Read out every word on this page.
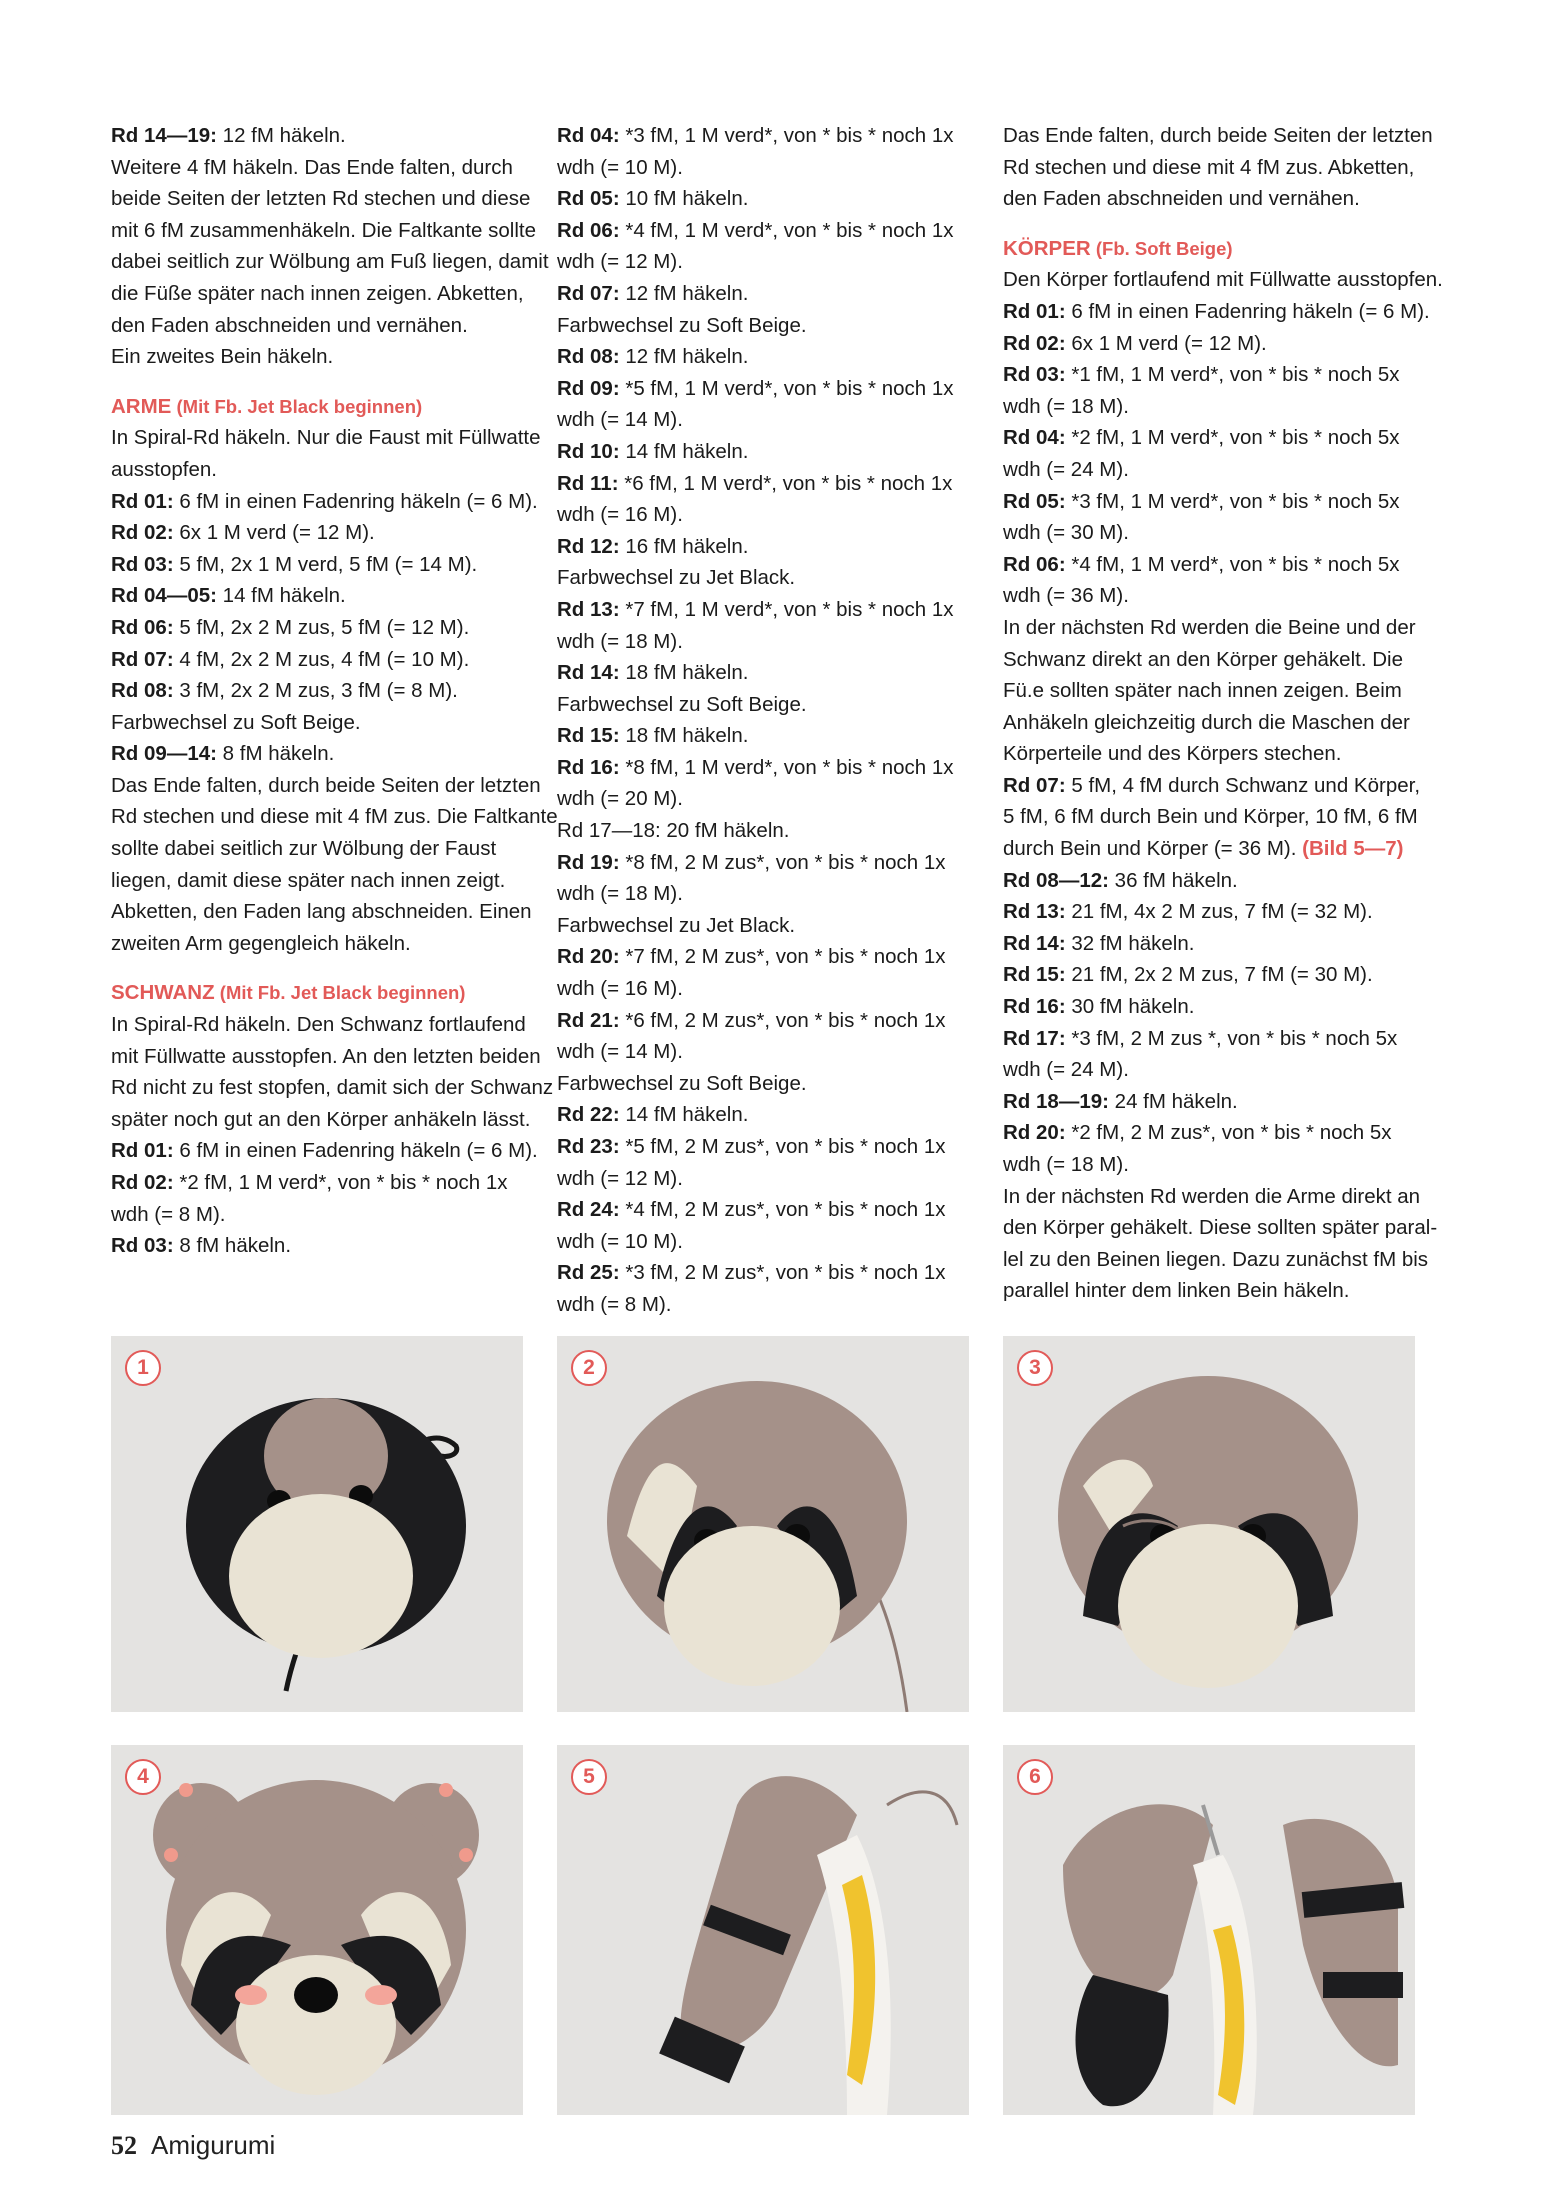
Rd 14—19: 12 fM häkeln.
Weitere 4 fM häkeln. Das Ende falten, durch
beide Seiten der letzten Rd stechen und diese
mit 6 fM zusammenhäkeln. Die Faltkante sollte
dabei seitlich zur Wölbung am Fuß liegen, damit
die Füße später nach innen zeigen. Abketten,
den Faden abschneiden und vernähen.
Ein zweites Bein häkeln.
ARME (Mit Fb. Jet Black beginnen)
In Spiral-Rd häkeln. Nur die Faust mit Füllwatte
ausstopfen.
Rd 01: 6 fM in einen Fadenring häkeln (= 6 M).
Rd 02: 6x 1 M verd (= 12 M).
Rd 03: 5 fM, 2x 1 M verd, 5 fM (= 14 M).
Rd 04—05: 14 fM häkeln.
Rd 06: 5 fM, 2x 2 M zus, 5 fM (= 12 M).
Rd 07: 4 fM, 2x 2 M zus, 4 fM (= 10 M).
Rd 08: 3 fM, 2x 2 M zus, 3 fM (= 8 M).
Farbwechsel zu Soft Beige.
Rd 09—14: 8 fM häkeln.
Das Ende falten, durch beide Seiten der letzten
Rd stechen und diese mit 4 fM zus. Die Faltkante
sollte dabei seitlich zur Wölbung der Faust
liegen, damit diese später nach innen zeigt.
Abketten, den Faden lang abschneiden. Einen
zweiten Arm gegengleich häkeln.
SCHWANZ (Mit Fb. Jet Black beginnen)
In Spiral-Rd häkeln. Den Schwanz fortlaufend
mit Füllwatte ausstopfen. An den letzten beiden
Rd nicht zu fest stopfen, damit sich der Schwanz
später noch gut an den Körper anhäkeln lässt.
Rd 01: 6 fM in einen Fadenring häkeln (= 6 M).
Rd 02: *2 fM, 1 M verd*, von * bis * noch 1x
wdh (= 8 M).
Rd 03: 8 fM häkeln.
Rd 04: *3 fM, 1 M verd*, von * bis * noch 1x
wdh (= 10 M).
Rd 05: 10 fM häkeln.
Rd 06: *4 fM, 1 M verd*, von * bis * noch 1x
wdh (= 12 M).
Rd 07: 12 fM häkeln.
Farbwechsel zu Soft Beige.
Rd 08: 12 fM häkeln.
Rd 09: *5 fM, 1 M verd*, von * bis * noch 1x
wdh (= 14 M).
Rd 10: 14 fM häkeln.
Rd 11: *6 fM, 1 M verd*, von * bis * noch 1x
wdh (= 16 M).
Rd 12: 16 fM häkeln.
Farbwechsel zu Jet Black.
Rd 13: *7 fM, 1 M verd*, von * bis * noch 1x
wdh (= 18 M).
Rd 14: 18 fM häkeln.
Farbwechsel zu Soft Beige.
Rd 15: 18 fM häkeln.
Rd 16: *8 fM, 1 M verd*, von * bis * noch 1x
wdh (= 20 M).
Rd 17—18: 20 fM häkeln.
Rd 19: *8 fM, 2 M zus*, von * bis * noch 1x
wdh (= 18 M).
Farbwechsel zu Jet Black.
Rd 20: *7 fM, 2 M zus*, von * bis * noch 1x
wdh (= 16 M).
Rd 21: *6 fM, 2 M zus*, von * bis * noch 1x
wdh (= 14 M).
Farbwechsel zu Soft Beige.
Rd 22: 14 fM häkeln.
Rd 23: *5 fM, 2 M zus*, von * bis * noch 1x
wdh (= 12 M).
Rd 24: *4 fM, 2 M zus*, von * bis * noch 1x
wdh (= 10 M).
Rd 25: *3 fM, 2 M zus*, von * bis * noch 1x
wdh (= 8 M).
Das Ende falten, durch beide Seiten der letzten
Rd stechen und diese mit 4 fM zus. Abketten,
den Faden abschneiden und vernähen.
KÖRPER (Fb. Soft Beige)
Den Körper fortlaufend mit Füllwatte ausstopfen.
Rd 01: 6 fM in einen Fadenring häkeln (= 6 M).
Rd 02: 6x 1 M verd (= 12 M).
Rd 03: *1 fM, 1 M verd*, von * bis * noch 5x
wdh (= 18 M).
Rd 04: *2 fM, 1 M verd*, von * bis * noch 5x
wdh (= 24 M).
Rd 05: *3 fM, 1 M verd*, von * bis * noch 5x
wdh (= 30 M).
Rd 06: *4 fM, 1 M verd*, von * bis * noch 5x
wdh (= 36 M).
In der nächsten Rd werden die Beine und der
Schwanz direkt an den Körper gehäkelt. Die
Fü.e sollten später nach innen zeigen. Beim
Anhäkeln gleichzeitig durch die Maschen der
Körperteile und des Körpers stechen.
Rd 07: 5 fM, 4 fM durch Schwanz und Körper,
5 fM, 6 fM durch Bein und Körper, 10 fM, 6 fM
durch Bein und Körper (= 36 M). (Bild 5—7)
Rd 08—12: 36 fM häkeln.
Rd 13: 21 fM, 4x 2 M zus, 7 fM (= 32 M).
Rd 14: 32 fM häkeln.
Rd 15: 21 fM, 2x 2 M zus, 7 fM (= 30 M).
Rd 16: 30 fM häkeln.
Rd 17: *3 fM, 2 M zus *, von * bis * noch 5x
wdh (= 24 M).
Rd 18—19: 24 fM häkeln.
Rd 20: *2 fM, 2 M zus*, von * bis * noch 5x
wdh (= 18 M).
In der nächsten Rd werden die Arme direkt an
den Körper gehäkelt. Diese sollten später paral-
lel zu den Beinen liegen. Dazu zunächst fM bis
parallel hinter dem linken Bein häkeln.
1	2	3
4	5	6
52 Amigurumi
